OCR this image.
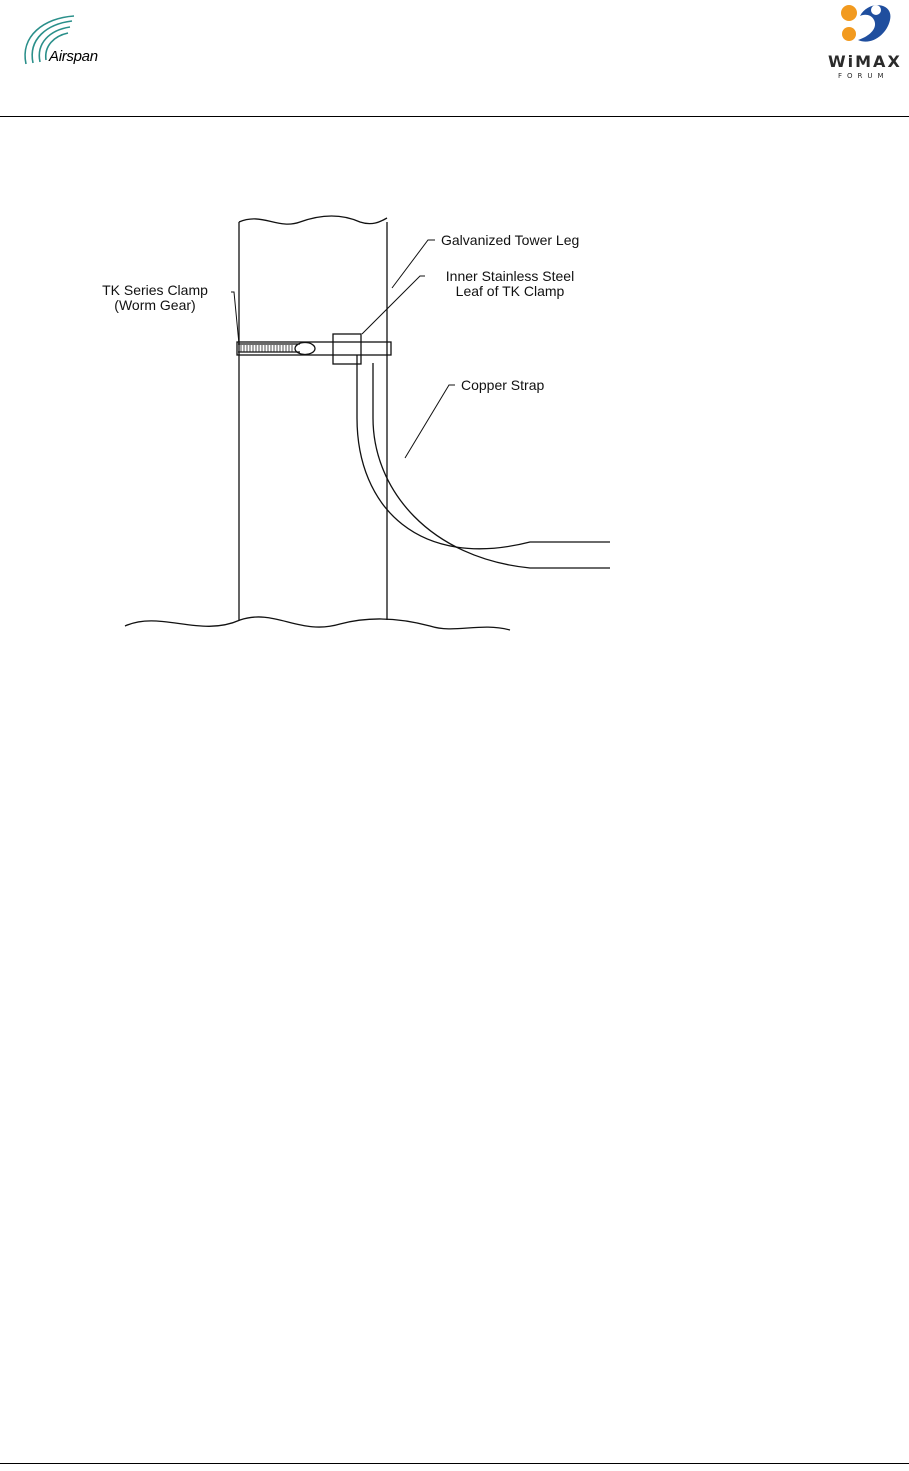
Airspan	WiMAX
FORUM
Galvanized Tower Leg
Inner Stainless Steel
Leaf of TK Clamp
TK Series Clamp
(Worm Gear)
Copper Strap
